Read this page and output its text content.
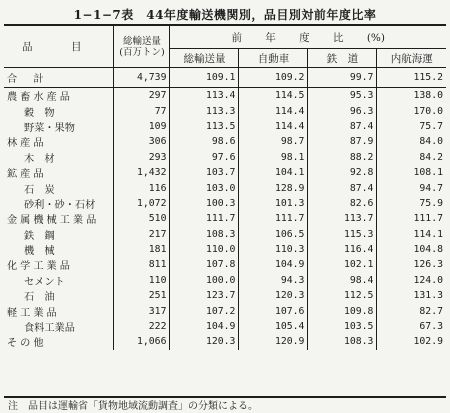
1−1−7表　44年度輸送機関別，品目別対前年度比率
品　目	総輸送量
(百万トン)	前 年 度 比 (%)			
		総輸送量	自動車	鉄　道	内航海運
合　計	4,739	109.1	109.2	99.7	115.2
農畜水産品	297	113.4	114.5	95.3	138.0
穀　物	77	113.3	114.4	96.3	170.0
野菜・果物	109	113.5	114.4	87.4	75.7
林産品	306	98.6	98.7	87.9	84.0
木　材	293	97.6	98.1	88.2	84.2
鉱産品	1,432	103.7	104.1	92.8	108.1
石　炭	116	103.0	128.9	87.4	94.7
砂利・砂・石材	1,072	100.3	101.3	82.6	75.9
金属機械工業品	510	111.7	111.7	113.7	111.7
鉄　鋼	217	108.3	106.5	115.3	114.1
機　械	181	110.0	110.3	116.4	104.8
化学工業品	811	107.8	104.9	102.1	126.3
セメント	110	100.0	94.3	98.4	124.0
石　油	251	123.7	120.3	112.5	131.3
軽工業品	317	107.2	107.6	109.8	82.7
食料工業品	222	104.9	105.4	103.5	67.3
その他	1,066	120.3	120.9	108.3	102.9
注　品目は運輸省「貨物地域流動調査」の分類による。
